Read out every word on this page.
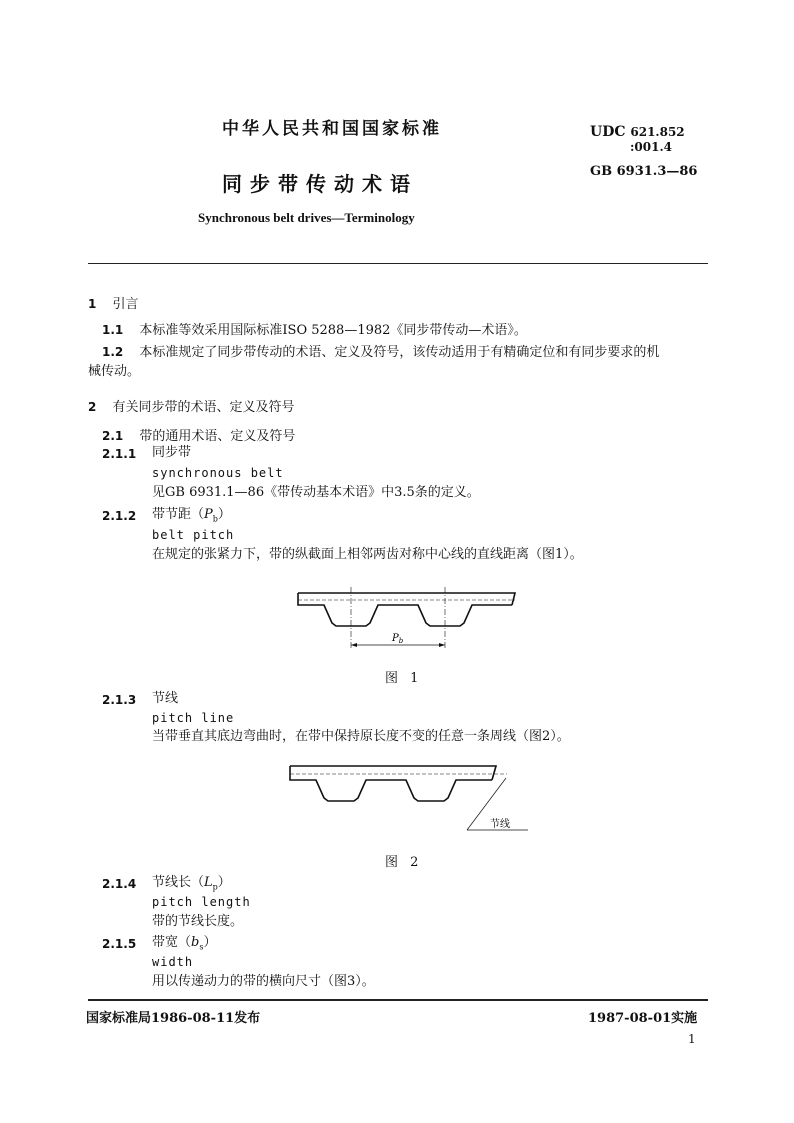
中华人民共和国国家标准	UDC 621.852
:001.4
GB 6931.3—86
同步带传动术语
Synchronous belt drives—Terminology
1 引言
1.1 本标准等效采用国际标准ISO 5288—1982《同步带传动—术语》。
1.2 本标准规定了同步带传动的术语、定义及符号，该传动适用于有精确定位和有同步要求的机
械传动。
2 有关同步带的术语、定义及符号
2.1 带的通用术语、定义及符号
2.1.1 同步带
synchronous belt
见GB 6931.1—86《带传动基本术语》中3.5条的定义。
2.1.2 带节距$(P_b)$
belt pitch
在规定的张紧力下，带的纵截面上相邻两齿对称中心线的直线距离（图1）。
$P_b$
图 1
2.1.3 节线
pitch line
当带垂直其底边弯曲时，在带中保持原长度不变的任意一条周线（图2）。
节线
图 2
2.1.4 节线长$(L_p)$
pitch length
带的节线长度。
2.1.5 带宽$(b_s)$
width
用以传递动力的带的横向尺寸（图3）。
国家标准局1986-08-11发布	1987-08-01实施
1
